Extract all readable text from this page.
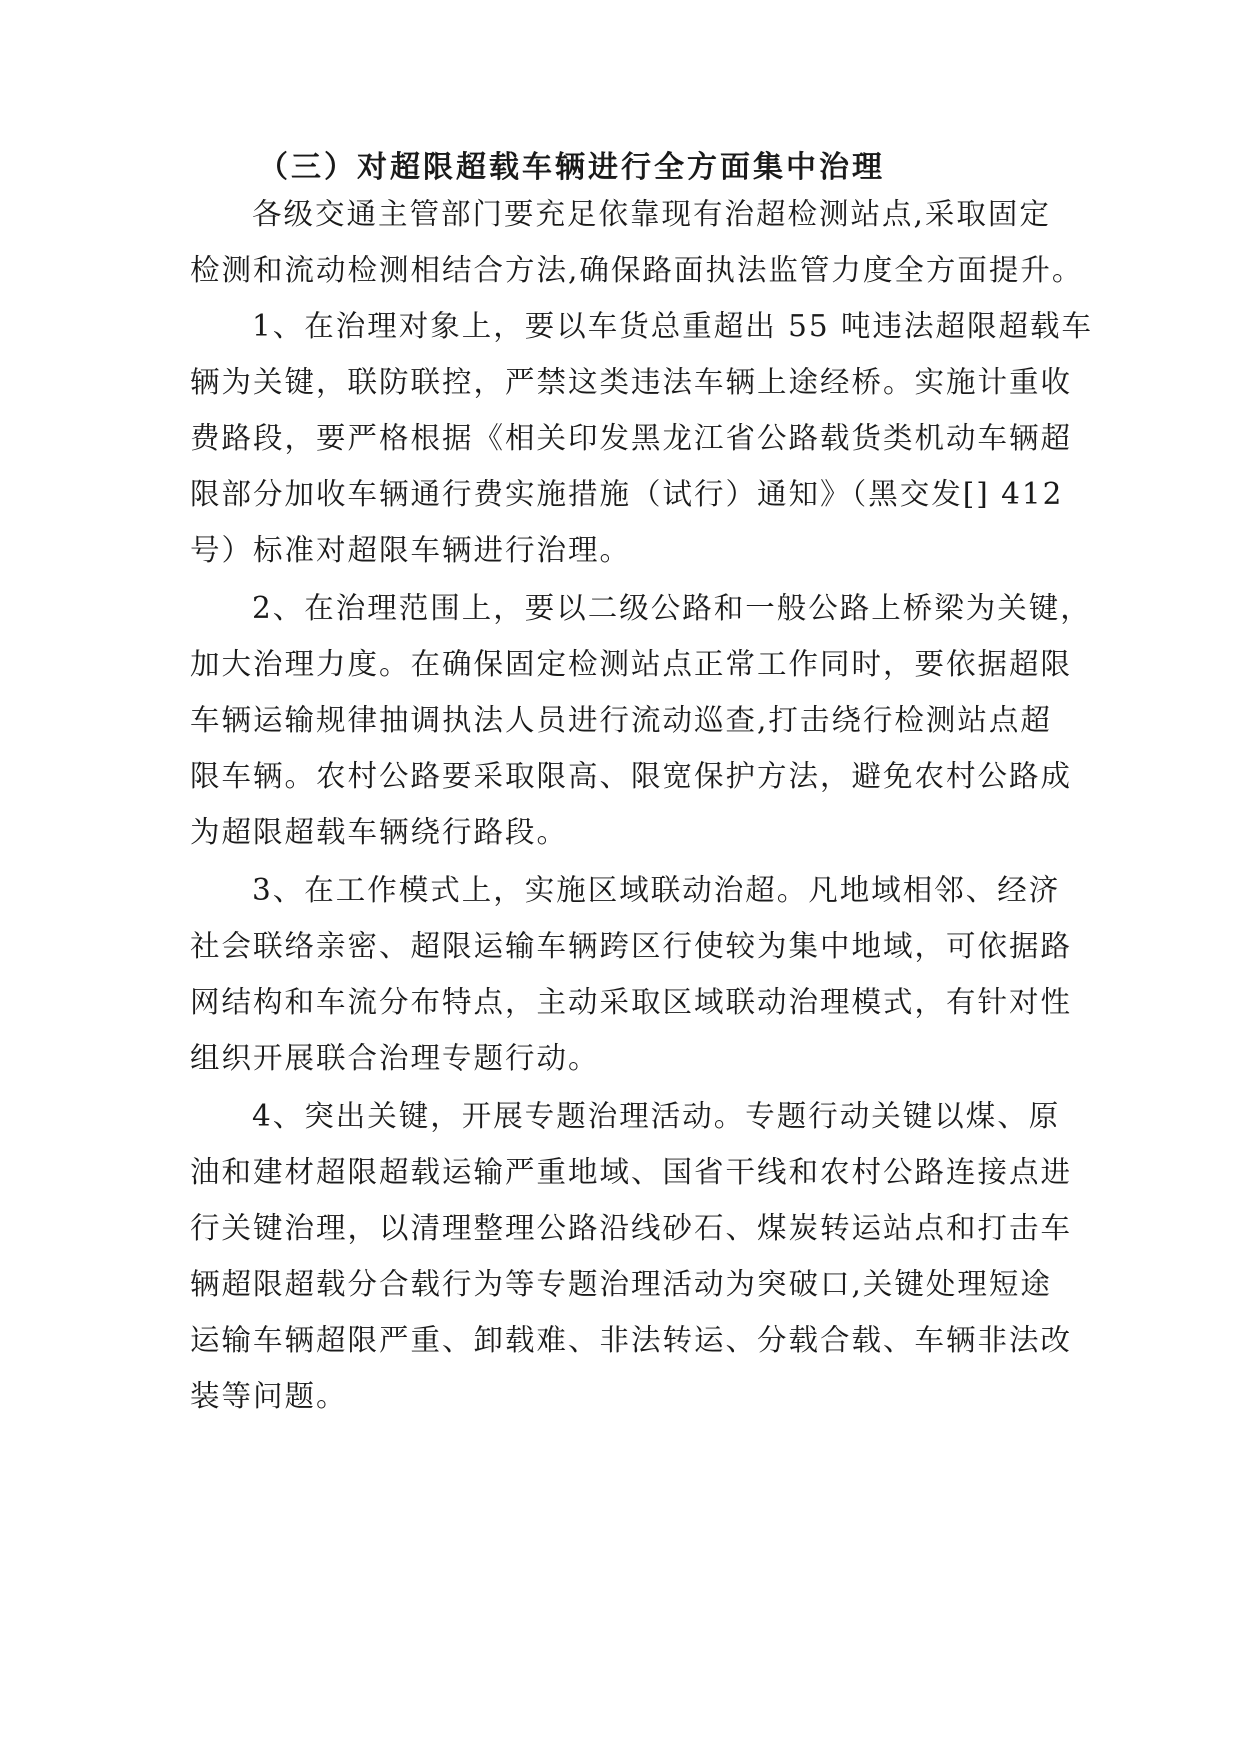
（三）对超限超载车辆进行全方面集中治理

各级交通主管部门要充足依靠现有治超检测站点,采取固定

检测和流动检测相结合方法,确保路面执法监管力度全方面提升。

1、在治理对象上，要以车货总重超出 55 吨违法超限超载车

辆为关键，联防联控，严禁这类违法车辆上途经桥。实施计重收

费路段，要严格根据《相关印发黑龙江省公路载货类机动车辆超

限部分加收车辆通行费实施措施（试行）通知》（黑交发[] 412

号）标准对超限车辆进行治理。

2、在治理范围上，要以二级公路和一般公路上桥梁为关键，

加大治理力度。在确保固定检测站点正常工作同时，要依据超限

车辆运输规律抽调执法人员进行流动巡查,打击绕行检测站点超

限车辆。农村公路要采取限高、限宽保护方法，避免农村公路成

为超限超载车辆绕行路段。

3、在工作模式上，实施区域联动治超。凡地域相邻、经济

社会联络亲密、超限运输车辆跨区行使较为集中地域，可依据路

网结构和车流分布特点，主动采取区域联动治理模式，有针对性

组织开展联合治理专题行动。

4、突出关键，开展专题治理活动。专题行动关键以煤、原

油和建材超限超载运输严重地域、国省干线和农村公路连接点进

行关键治理，以清理整理公路沿线砂石、煤炭转运站点和打击车

辆超限超载分合载行为等专题治理活动为突破口,关键处理短途

运输车辆超限严重、卸载难、非法转运、分载合载、车辆非法改

装等问题。
